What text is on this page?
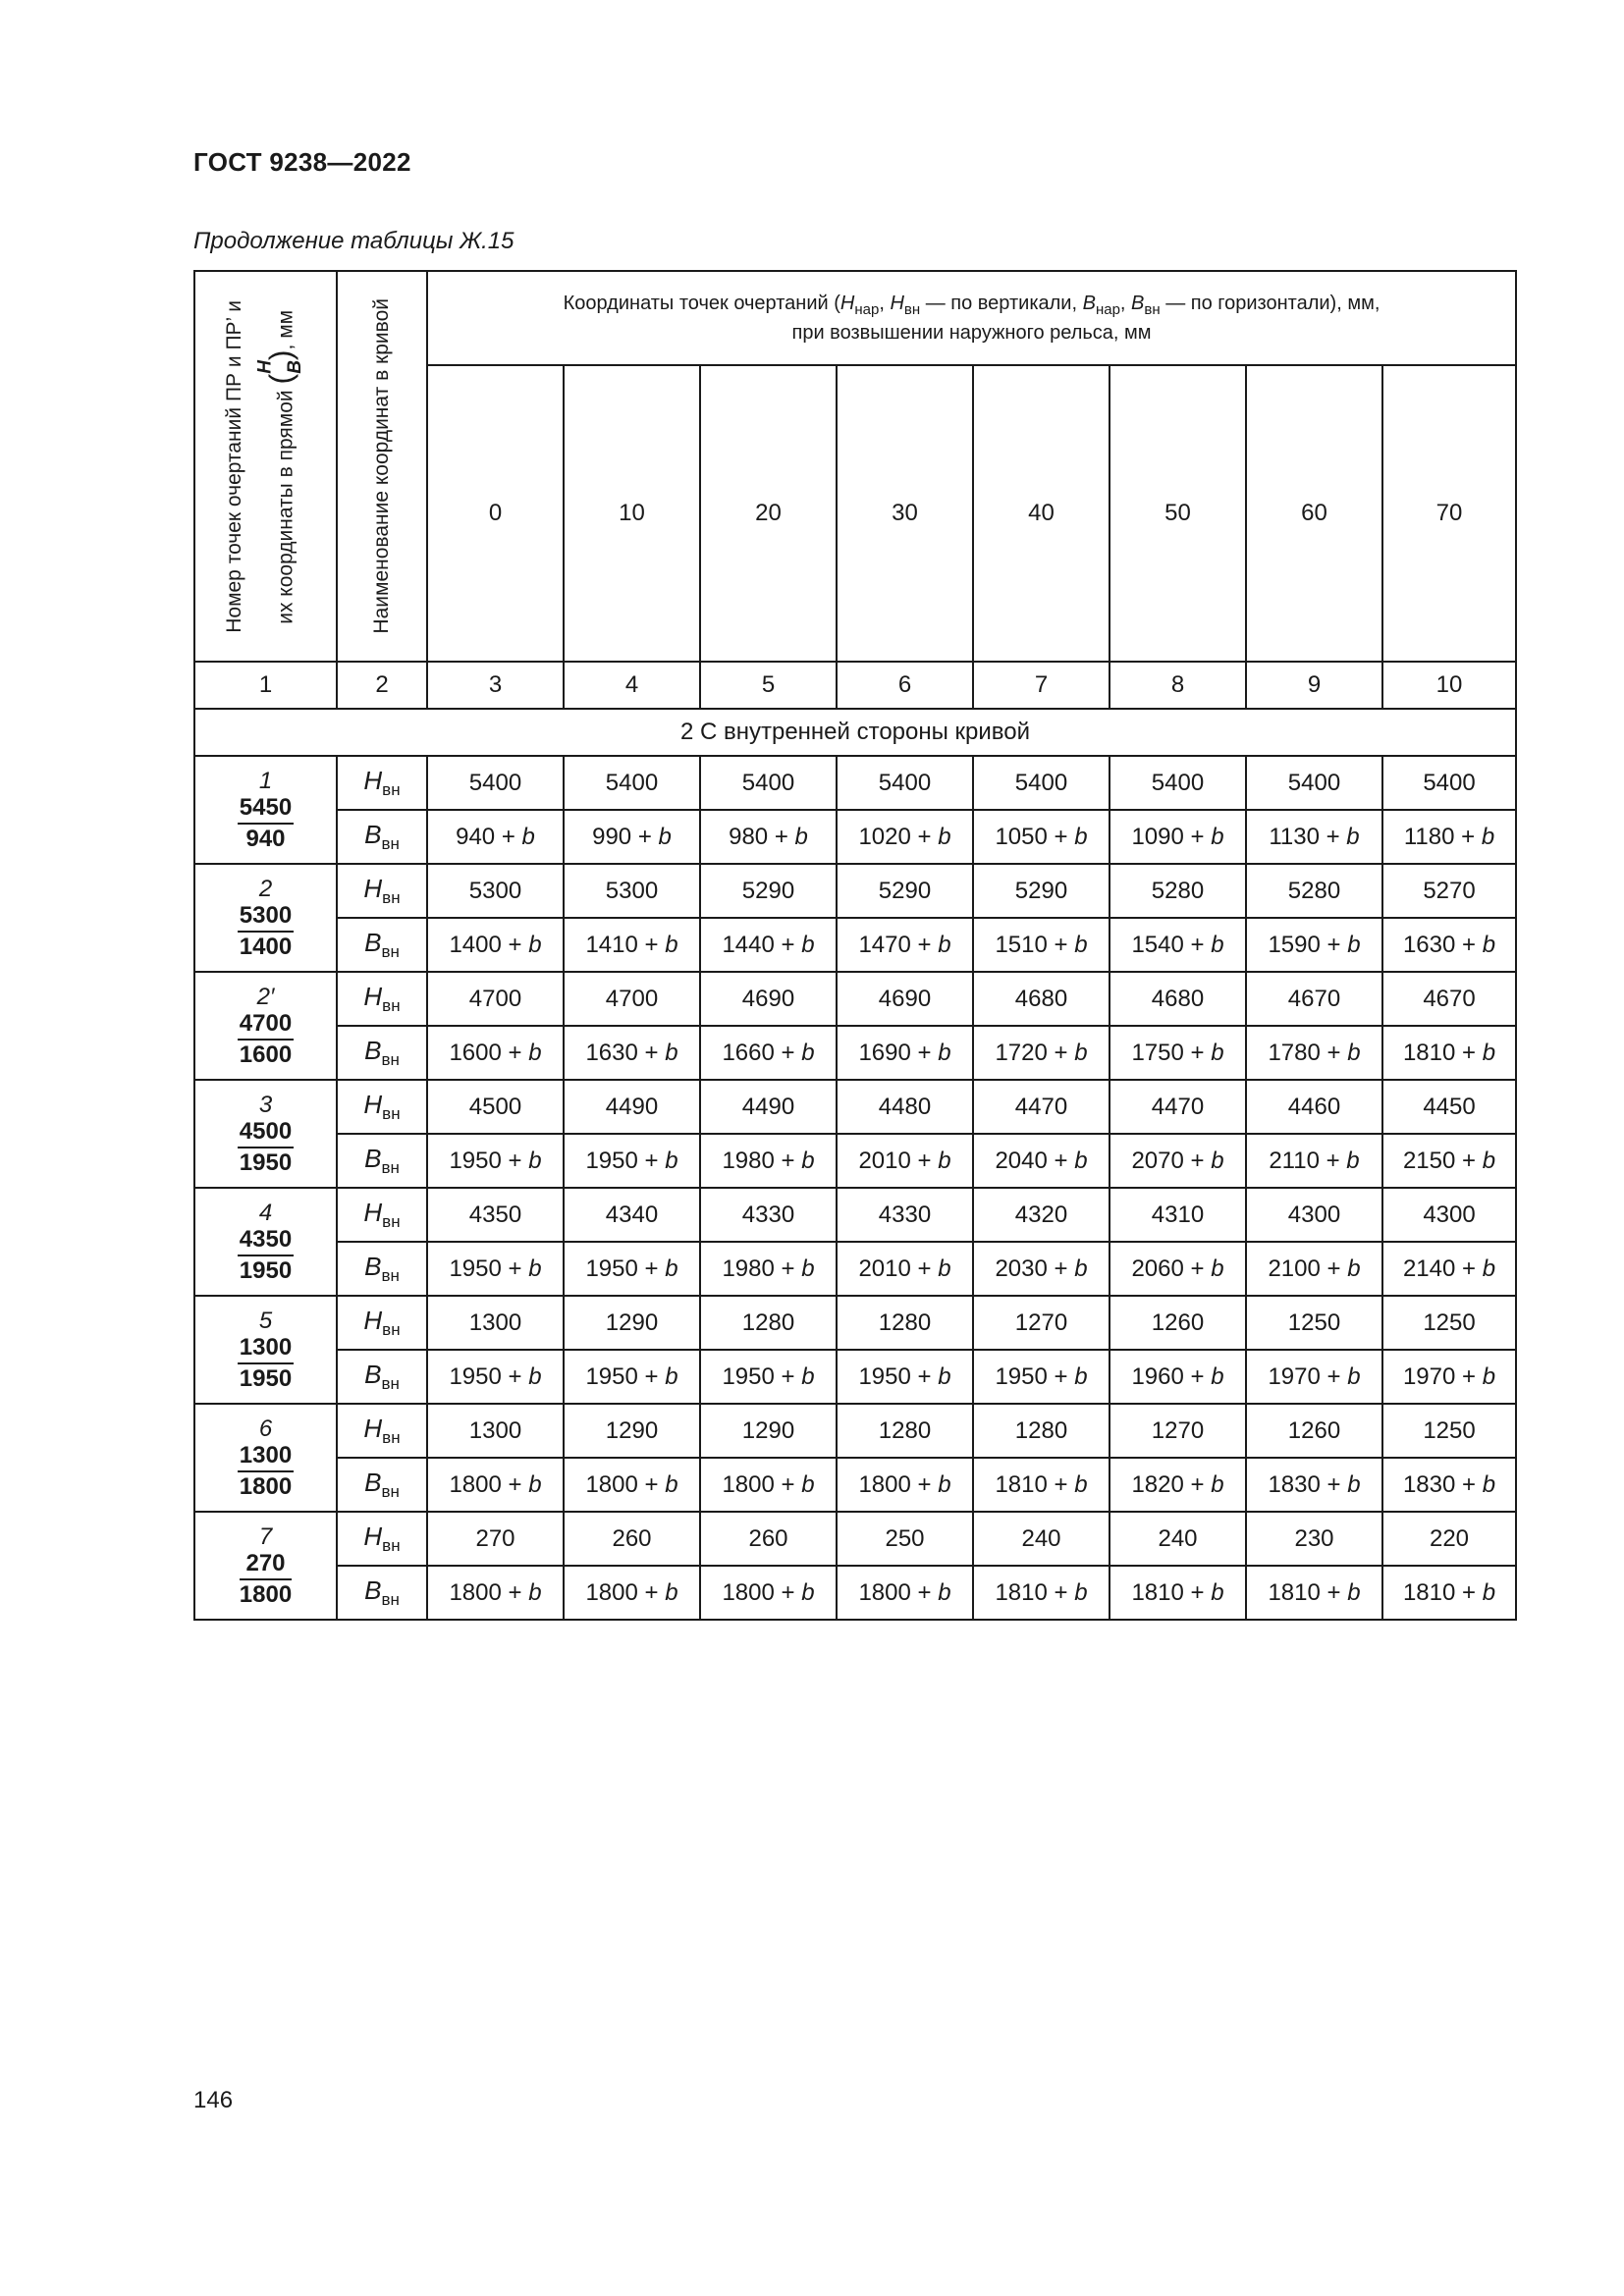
ГОСТ 9238—2022
Продолжение таблицы Ж.15
Номер точек очертаний ПР и ПР’ и их координаты в прямой (
H B
), мм	Наименование координат в кривой	Координаты точек очертаний ($H_{нар}$, $H_{вн}$ — по вертикали, $B_{нар}$, $B_{вн}$ — по горизонтали), мм,
при возвышении наружного рельса, мм							
		0	10	20	30	40	50	60	70
1	2	3	4	5	6	7	8	9	10
2 С внутренней стороны кривой									

1
$\frac{5450}{940}$	$H_{вн}$	5400	5400	5400	5400	5400	5400	5400	5400
	$B_{вн}$	940 + b	990 + b	980 + b	1020 + b	1050 + b	1090 + b	1130 + b	1180 + b

2
$\frac{5300}{1400}$	$H_{вн}$	5300	5300	5290	5290	5290	5280	5280	5270
	$B_{вн}$	1400 + b	1410 + b	1440 + b	1470 + b	1510 + b	1540 + b	1590 + b	1630 + b

2′
$\frac{4700}{1600}$	$H_{вн}$	4700	4700	4690	4690	4680	4680	4670	4670
	$B_{вн}$	1600 + b	1630 + b	1660 + b	1690 + b	1720 + b	1750 + b	1780 + b	1810 + b

3
$\frac{4500}{1950}$	$H_{вн}$	4500	4490	4490	4480	4470	4470	4460	4450
	$B_{вн}$	1950 + b	1950 + b	1980 + b	2010 + b	2040 + b	2070 + b	2110 + b	2150 + b

4
$\frac{4350}{1950}$	$H_{вн}$	4350	4340	4330	4330	4320	4310	4300	4300
	$B_{вн}$	1950 + b	1950 + b	1980 + b	2010 + b	2030 + b	2060 + b	2100 + b	2140 + b

5
$\frac{1300}{1950}$	$H_{вн}$	1300	1290	1280	1280	1270	1260	1250	1250
	$B_{вн}$	1950 + b	1950 + b	1950 + b	1950 + b	1950 + b	1960 + b	1970 + b	1970 + b

6
$\frac{1300}{1800}$	$H_{вн}$	1300	1290	1290	1280	1280	1270	1260	1250
	$B_{вн}$	1800 + b	1800 + b	1800 + b	1800 + b	1810 + b	1820 + b	1830 + b	1830 + b

7
$\frac{270}{1800}$	$H_{вн}$	270	260	260	250	240	240	230	220
	$B_{вн}$	1800 + b	1800 + b	1800 + b	1800 + b	1810 + b	1810 + b	1810 + b	1810 + b
146
